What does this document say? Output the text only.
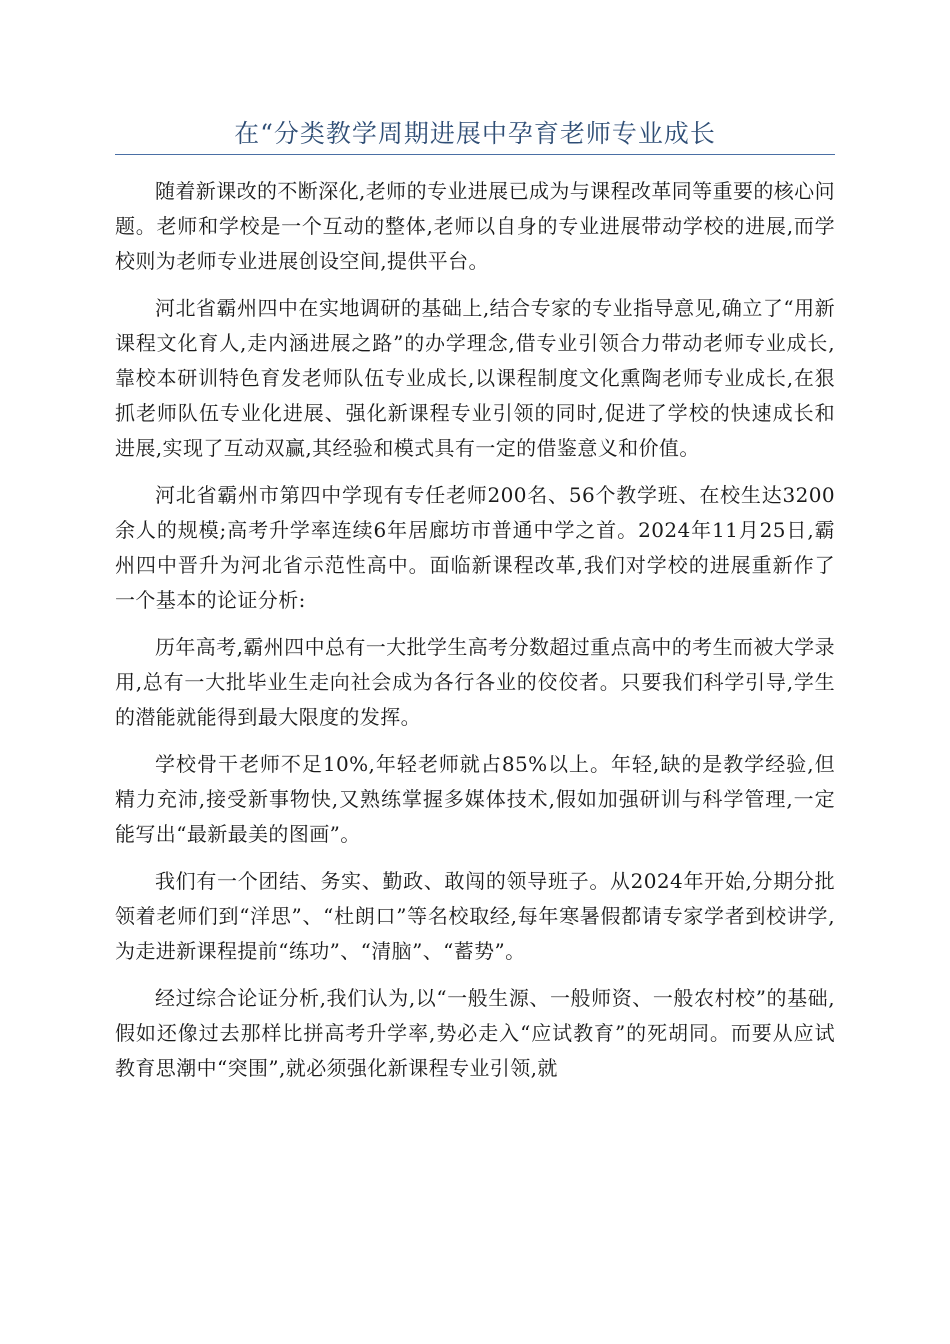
在“分类教学周期进展中孕育老师专业成长

随着新课改的不断深化,老师的专业进展已成为与课程改革同等重要的核心问题。老师和学校是一个互动的整体,老师以自身的专业进展带动学校的进展,而学校则为老师专业进展创设空间,提供平台。

河北省霸州四中在实地调研的基础上,结合专家的专业指导意见,确立了“用新课程文化育人,走内涵进展之路”的办学理念,借专业引领合力带动老师专业成长,靠校本研训特色育发老师队伍专业成长,以课程制度文化熏陶老师专业成长,在狠抓老师队伍专业化进展、强化新课程专业引领的同时,促进了学校的快速成长和进展,实现了互动双赢,其经验和模式具有一定的借鉴意义和价值。

河北省霸州市第四中学现有专任老师200名、56个教学班、在校生达3200余人的规模;高考升学率连续6年居廊坊市普通中学之首。2024年11月25日,霸州四中晋升为河北省示范性高中。面临新课程改革,我们对学校的进展重新作了一个基本的论证分析:

历年高考,霸州四中总有一大批学生高考分数超过重点高中的考生而被大学录用,总有一大批毕业生走向社会成为各行各业的佼佼者。只要我们科学引导,学生的潜能就能得到最大限度的发挥。

学校骨干老师不足10%,年轻老师就占85%以上。年轻,缺的是教学经验,但精力充沛,接受新事物快,又熟练掌握多媒体技术,假如加强研训与科学管理,一定能写出“最新最美的图画”。

我们有一个团结、务实、勤政、敢闯的领导班子。从2024年开始,分期分批领着老师们到“洋思”、“杜朗口”等名校取经,每年寒暑假都请专家学者到校讲学,为走进新课程提前“练功”、“清脑”、“蓄势”。

经过综合论证分析,我们认为,以“一般生源、一般师资、一般农村校”的基础,假如还像过去那样比拼高考升学率,势必走入“应试教育”的死胡同。而要从应试教育思潮中“突围”,就必须强化新课程专业引领,就
